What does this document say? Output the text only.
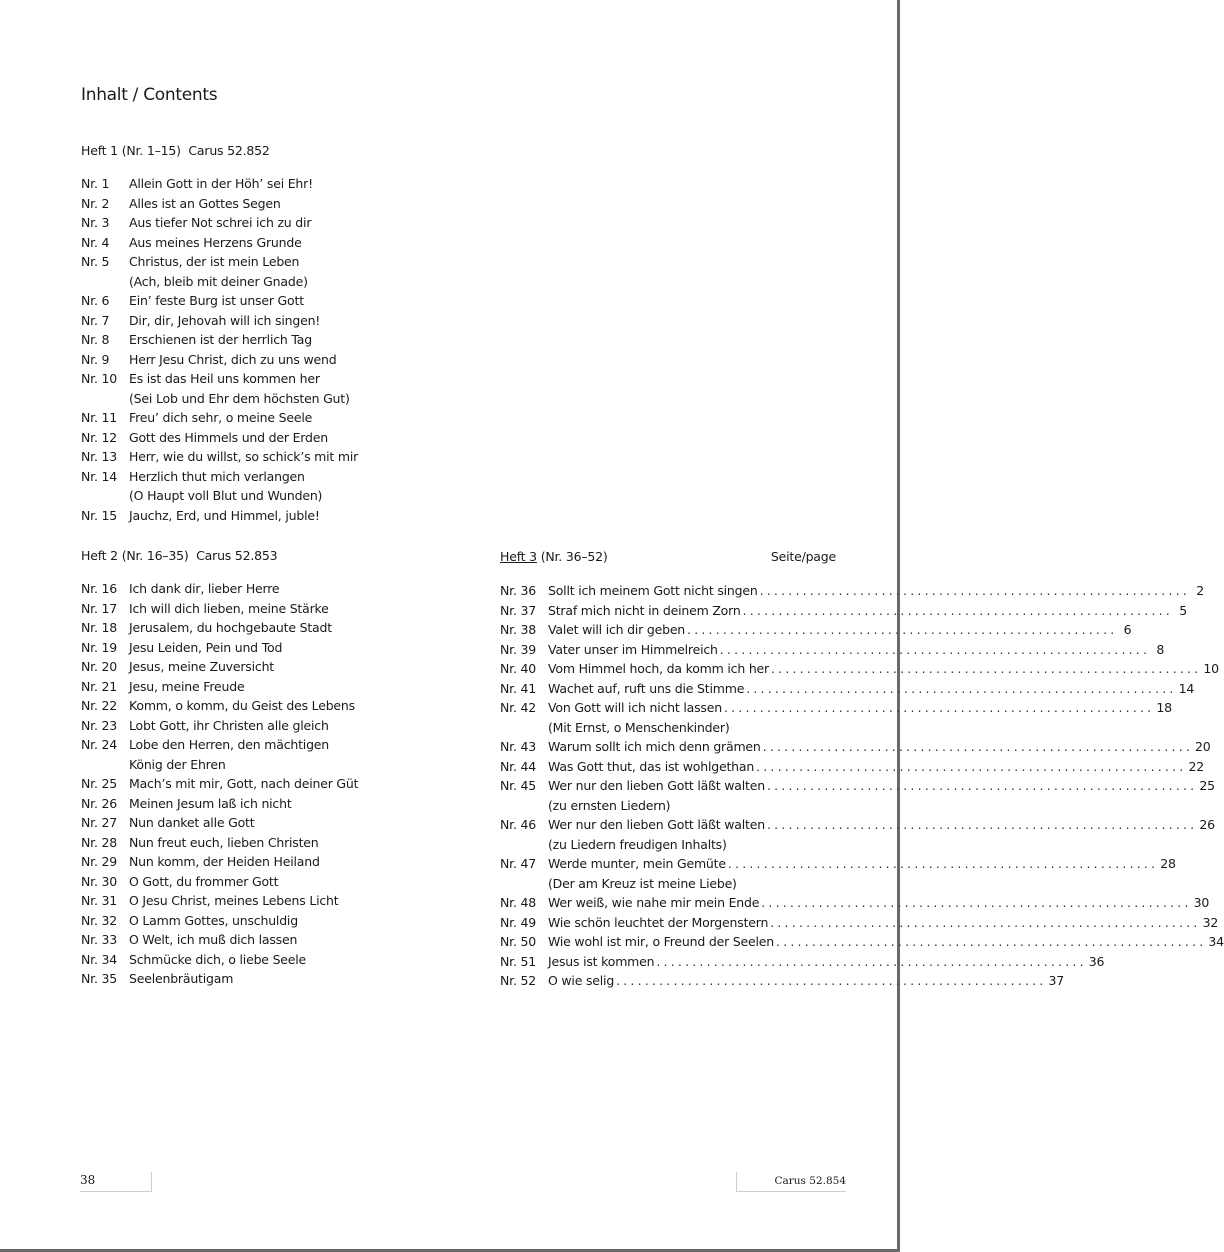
Inhalt / Contents
Heft 1 (Nr. 1–15) Carus 52.852
Nr. 1	Allein Gott in der Höh’ sei Ehr!
Nr. 2	Alles ist an Gottes Segen
Nr. 3	Aus tiefer Not schrei ich zu dir
Nr. 4	Aus meines Herzens Grunde
Nr. 5	Christus, der ist mein Leben
(Ach, bleib mit deiner Gnade)
Nr. 6	Ein’ feste Burg ist unser Gott
Nr. 7	Dir, dir, Jehovah will ich singen!
Nr. 8	Erschienen ist der herrlich Tag
Nr. 9	Herr Jesu Christ, dich zu uns wend
Nr. 10 Es ist das Heil uns kommen her
(Sei Lob und Ehr dem höchsten Gut)
Nr. 11 Freu’ dich sehr, o meine Seele
Nr. 12 Gott des Himmels und der Erden
Nr. 13 Herr, wie du willst, so schick’s mit mir
Nr. 14 Herzlich thut mich verlangen
(O Haupt voll Blut und Wunden)
Nr. 15 Jauchz, Erd, und Himmel, juble!
Heft 2 (Nr. 16–35) Carus 52.853
Nr. 16 Ich dank dir, lieber Herre
Nr. 17 Ich will dich lieben, meine Stärke
Nr. 18 Jerusalem, du hochgebaute Stadt
Nr. 19 Jesu Leiden, Pein und Tod
Nr. 20 Jesus, meine Zuversicht
Nr. 21 Jesu, meine Freude
Nr. 22 Komm, o komm, du Geist des Lebens
Nr. 23 Lobt Gott, ihr Christen alle gleich
Nr. 24 Lobe den Herren, den mächtigen
König der Ehren
Nr. 25 Mach’s mit mir, Gott, nach deiner Güt
Nr. 26 Meinen Jesum laß ich nicht
Nr. 27 Nun danket alle Gott
Nr. 28 Nun freut euch, lieben Christen
Nr. 29 Nun komm, der Heiden Heiland
Nr. 30 O Gott, du frommer Gott
Nr. 31 O Jesu Christ, meines Lebens Licht
Nr. 32 O Lamm Gottes, unschuldig
Nr. 33 O Welt, ich muß dich lassen
Nr. 34 Schmücke dich, o liebe Seele
Nr. 35 Seelenbräutigam
Heft 3 (Nr. 36–52)	Seite/page
Nr. 36 Sollt ich meinem Gott nicht singen ............................................................ 2
Nr. 37 Straf mich nicht in deinem Zorn ............................................................ 5
Nr. 38 Valet will ich dir geben ............................................................ 6
Nr. 39 Vater unser im Himmelreich ............................................................ 8
Nr. 40 Vom Himmel hoch, da komm ich her ............................................................ 10
Nr. 41 Wachet auf, ruft uns die Stimme ............................................................ 14
Nr. 42 Von Gott will ich nicht lassen ............................................................ 18
(Mit Ernst, o Menschenkinder)
Nr. 43 Warum sollt ich mich denn grämen ............................................................ 20
Nr. 44 Was Gott thut, das ist wohlgethan ............................................................ 22
Nr. 45 Wer nur den lieben Gott läßt walten ............................................................ 25
(zu ernsten Liedern)
Nr. 46 Wer nur den lieben Gott läßt walten ............................................................ 26
(zu Liedern freudigen Inhalts)
Nr. 47 Werde munter, mein Gemüte ............................................................ 28
(Der am Kreuz ist meine Liebe)
Nr. 48 Wer weiß, wie nahe mir mein Ende ............................................................ 30
Nr. 49 Wie schön leuchtet der Morgenstern ............................................................ 32
Nr. 50 Wie wohl ist mir, o Freund der Seelen ............................................................ 34
Nr. 51 Jesus ist kommen ............................................................ 36
Nr. 52 O wie selig ............................................................ 37
38	Carus 52.854
